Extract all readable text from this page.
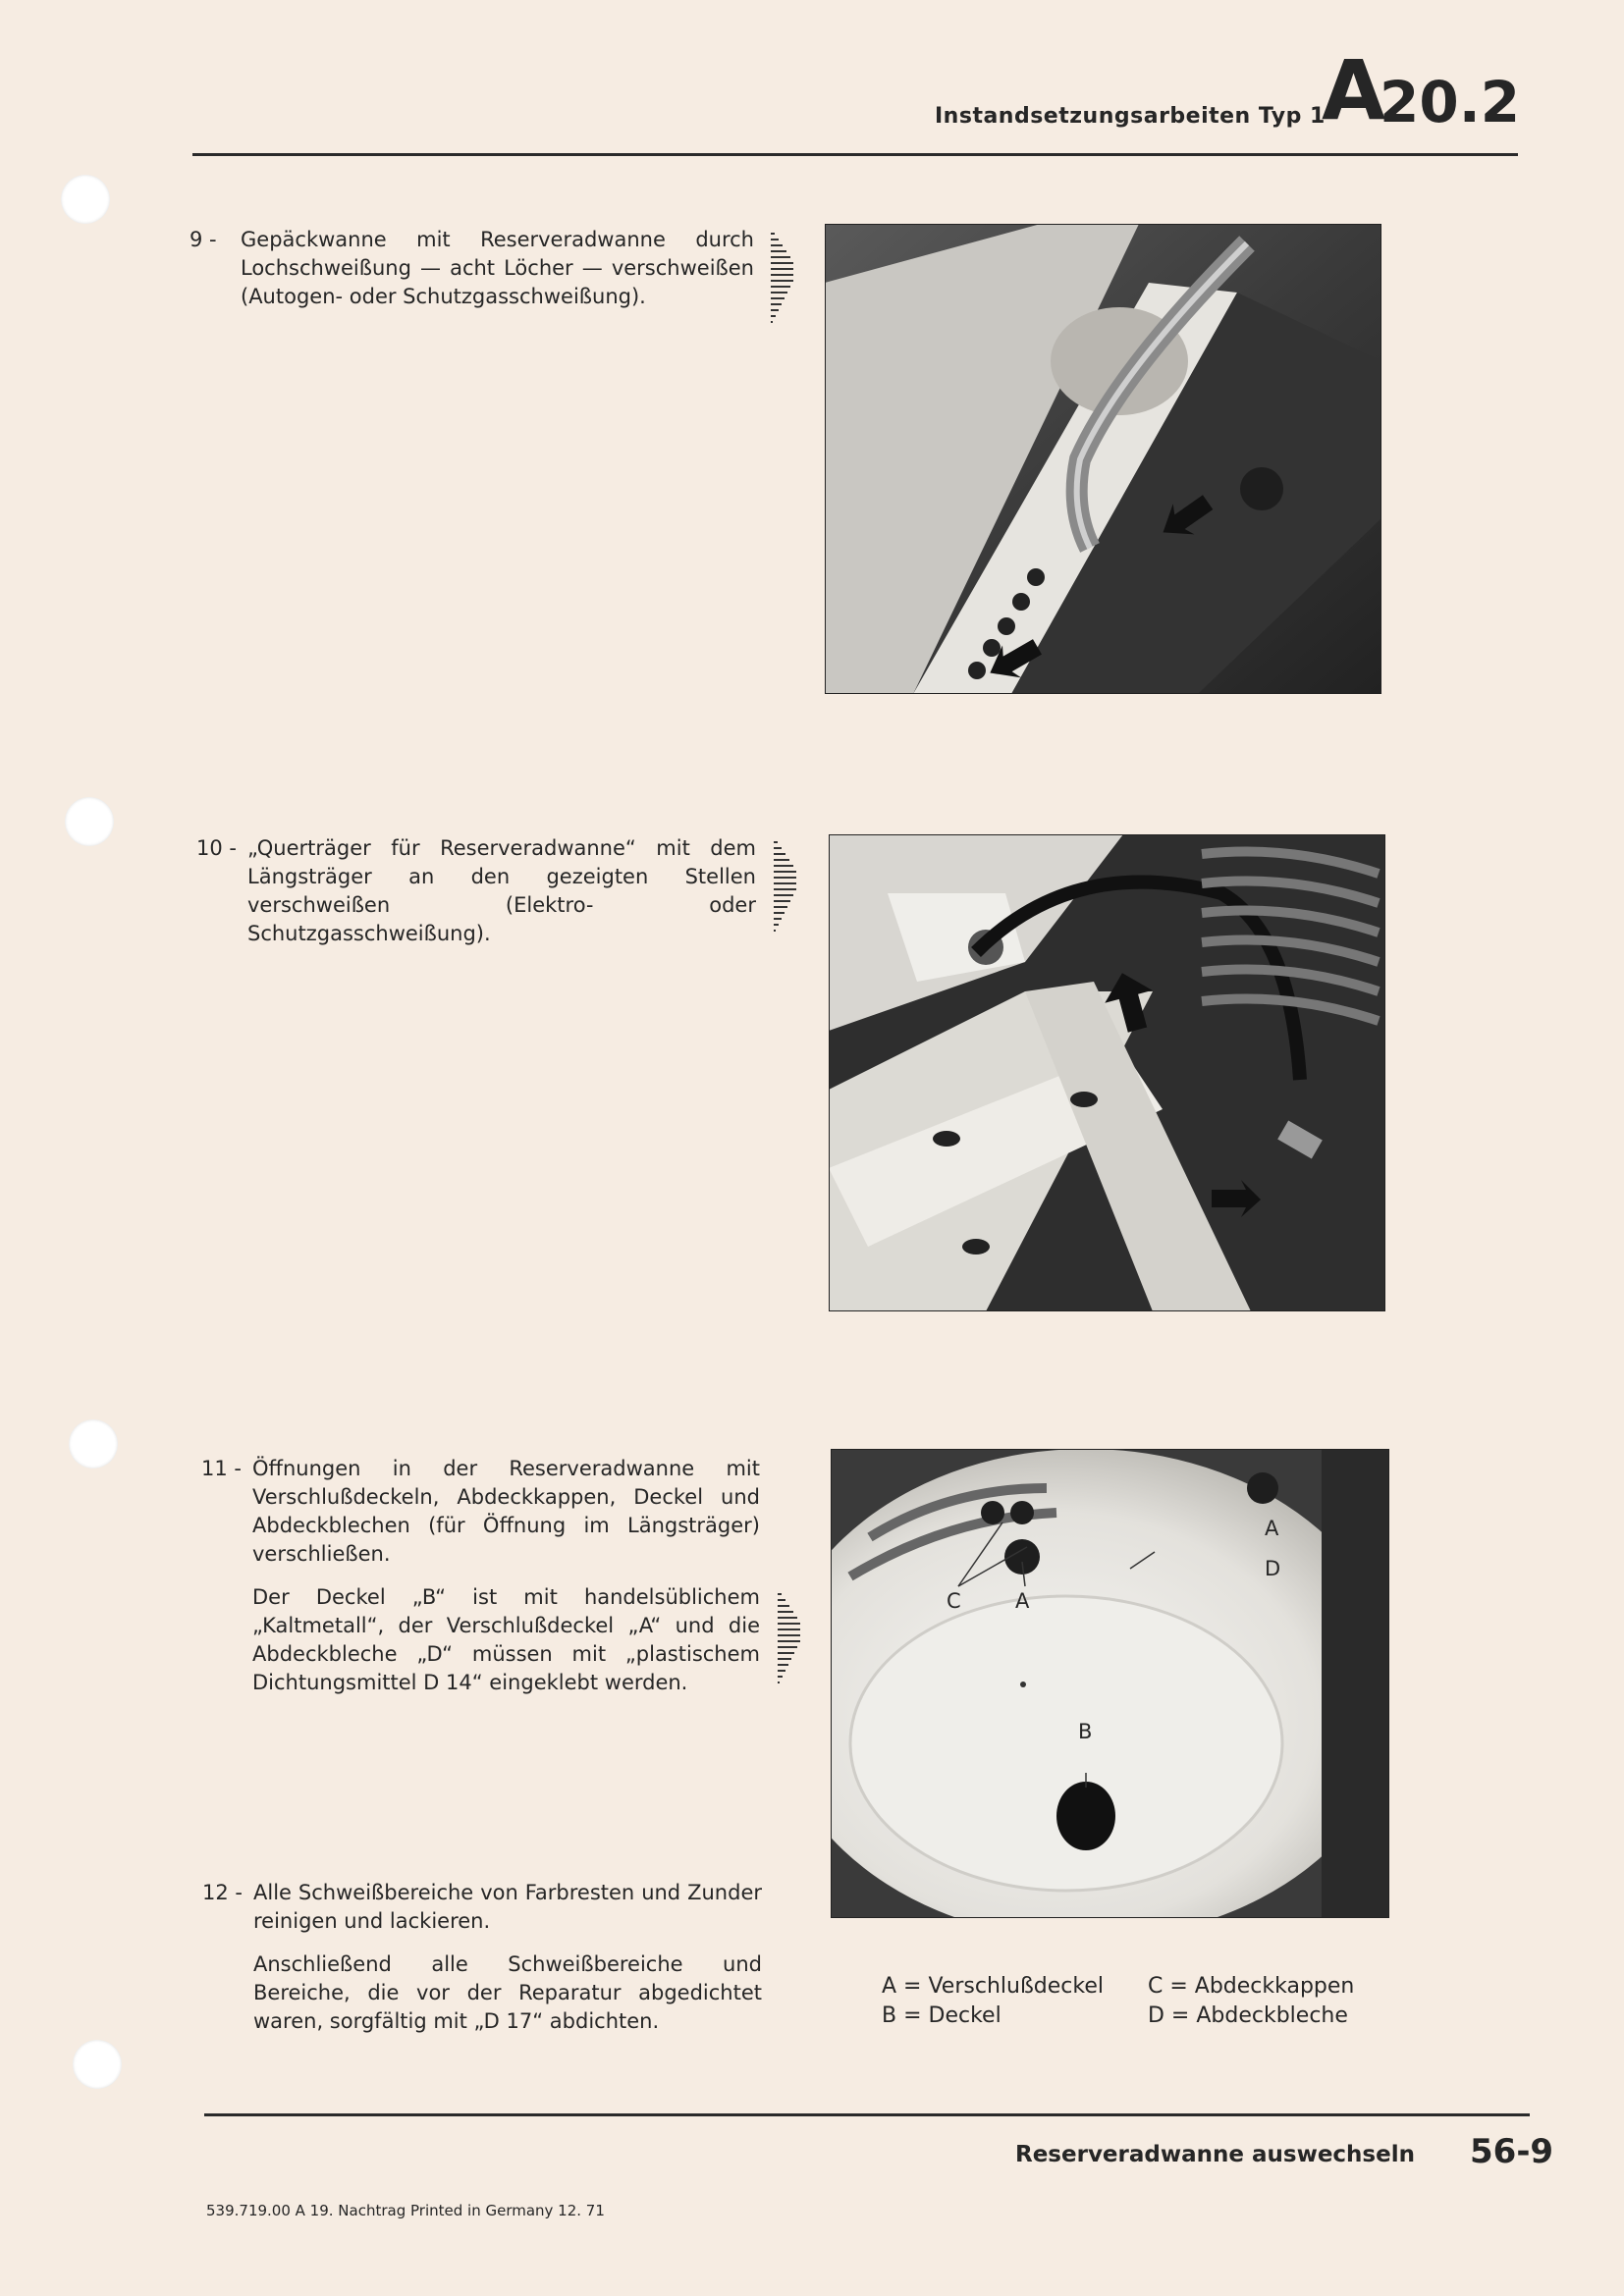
Instandsetzungsarbeiten Typ 1
A
20.2
9 - Gepäckwanne mit Reserveradwanne durch Lochschweißung — acht Löcher — verschweißen (Autogen- oder Schutzgasschweißung).
10 - „Querträger für Reserveradwanne“ mit dem Längsträger an den gezeigten Stellen verschweißen (Elektro- oder Schutzgasschweißung).
11 - Öffnungen in der Reserveradwanne mit Verschlußdeckeln, Abdeckkappen, Deckel und Abdeckblechen (für Öffnung im Längsträger) verschließen.
Der Deckel „B“ ist mit handelsüblichem „Kaltmetall“, der Verschlußdeckel „A“ und die Abdeckbleche „D“ müssen mit „plastischem Dichtungsmittel D 14“ eingeklebt werden.
C	A
A
D
B
12 - Alle Schweißbereiche von Farbresten und Zunder reinigen und lackieren.
Anschließend alle Schweißbereiche und Bereiche, die vor der Reparatur abgedichtet waren, sorgfältig mit „D 17“ abdichten.
A = Verschlußdeckel
B = Deckel
C = Abdeckkappen
D = Abdeckbleche
Reserveradwanne auswechseln 56-9
539.719.00 A 19. Nachtrag Printed in Germany 12. 71
